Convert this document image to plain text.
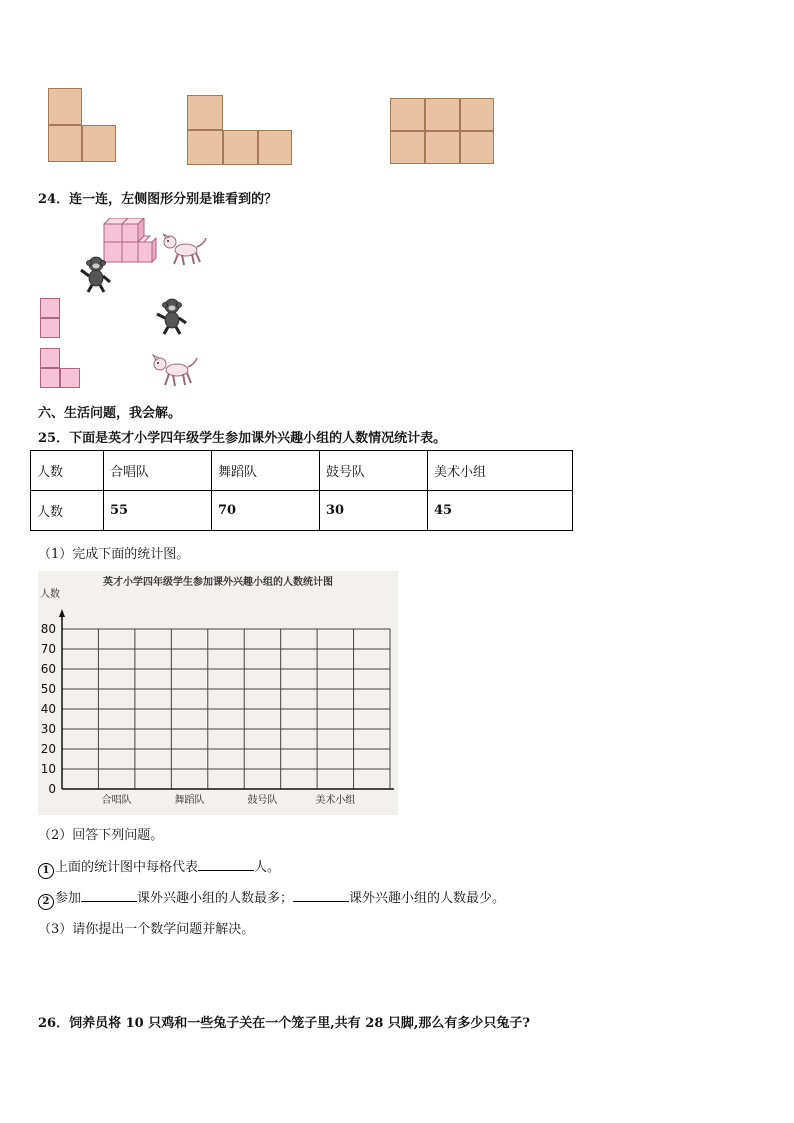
24．连一连，左侧图形分别是谁看到的？
六、生活问题，我会解。
25．下面是英才小学四年级学生参加课外兴趣小组的人数情况统计表。
人数	合唱队	舞蹈队	鼓号队	美术小组
人数	55	70	30	45
（1）完成下面的统计图。
英才小学四年级学生参加课外兴趣小组的人数统计图
人数
0
10
20
30
40
50
60
70
80
合唱队	舞蹈队	鼓号队	美术小组
（2）回答下列问题。
1 上面的统计图中每格代表	人。
2 参加	课外兴趣小组的人数最多；	课外兴趣小组的人数最少。
（3）请你提出一个数学问题并解决。
26．饲养员将 10 只鸡和一些兔子关在一个笼子里,共有 28 只脚,那么有多少只兔子?
